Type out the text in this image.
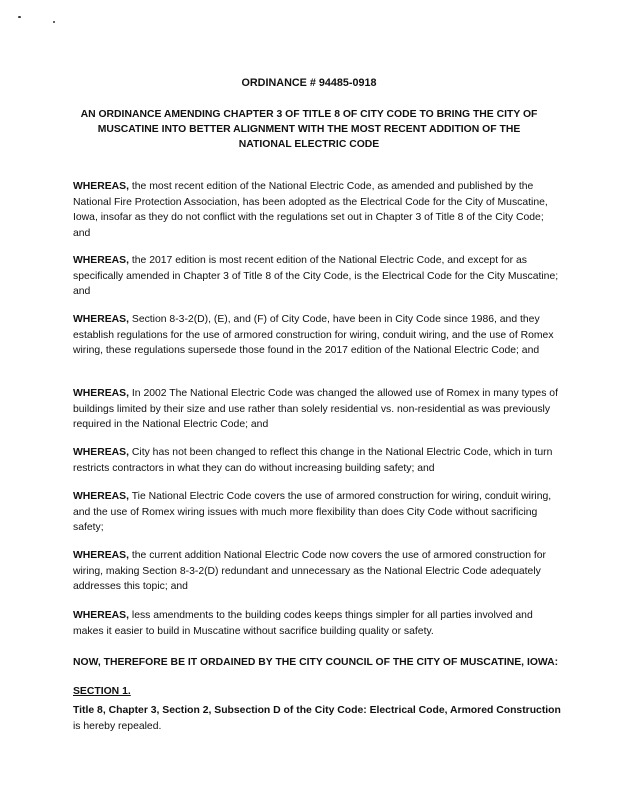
ORDINANCE # 94485-0918
AN ORDINANCE AMENDING CHAPTER 3 OF TITLE 8 OF CITY CODE TO BRING THE CITY OF MUSCATINE INTO BETTER ALIGNMENT WITH THE MOST RECENT ADDITION OF THE NATIONAL ELECTRIC CODE

WHEREAS, the most recent edition of the National Electric Code, as amended and published by the National Fire Protection Association, has been adopted as the Electrical Code for the City of Muscatine, Iowa, insofar as they do not conflict with the regulations set out in Chapter 3 of Title 8 of the City Code; and

WHEREAS, the 2017 edition is most recent edition of the National Electric Code, and except for as specifically amended in Chapter 3 of Title 8 of the City Code, is the Electrical Code for the City Muscatine; and

WHEREAS, Section 8-3-2(D), (E), and (F) of City Code, have been in City Code since 1986, and they establish regulations for the use of armored construction for wiring, conduit wiring, and the use of Romex wiring, these regulations supersede those found in the 2017 edition of the National Electric Code; and

WHEREAS, In 2002 The National Electric Code was changed the allowed use of Romex in many types of buildings limited by their size and use rather than solely residential vs. non-residential as was previously required in the National Electric Code; and

WHEREAS, City has not been changed to reflect this change in the National Electric Code, which in turn restricts contractors in what they can do without increasing building safety; and

WHEREAS, Tie National Electric Code covers the use of armored construction for wiring, conduit wiring, and the use of Romex wiring issues with much more flexibility than does City Code without sacrificing safety;

WHEREAS, the current addition National Electric Code now covers the use of armored construction for wiring, making Section 8-3-2(D) redundant and unnecessary as the National Electric Code adequately addresses this topic; and

WHEREAS, less amendments to the building codes keeps things simpler for all parties involved and makes it easier to build in Muscatine without sacrifice building quality or safety.

NOW, THEREFORE BE IT ORDAINED BY THE CITY COUNCIL OF THE CITY OF MUSCATINE, IOWA:

SECTION 1.

Title 8, Chapter 3, Section 2, Subsection D of the City Code: Electrical Code, Armored Construction is hereby repealed.
